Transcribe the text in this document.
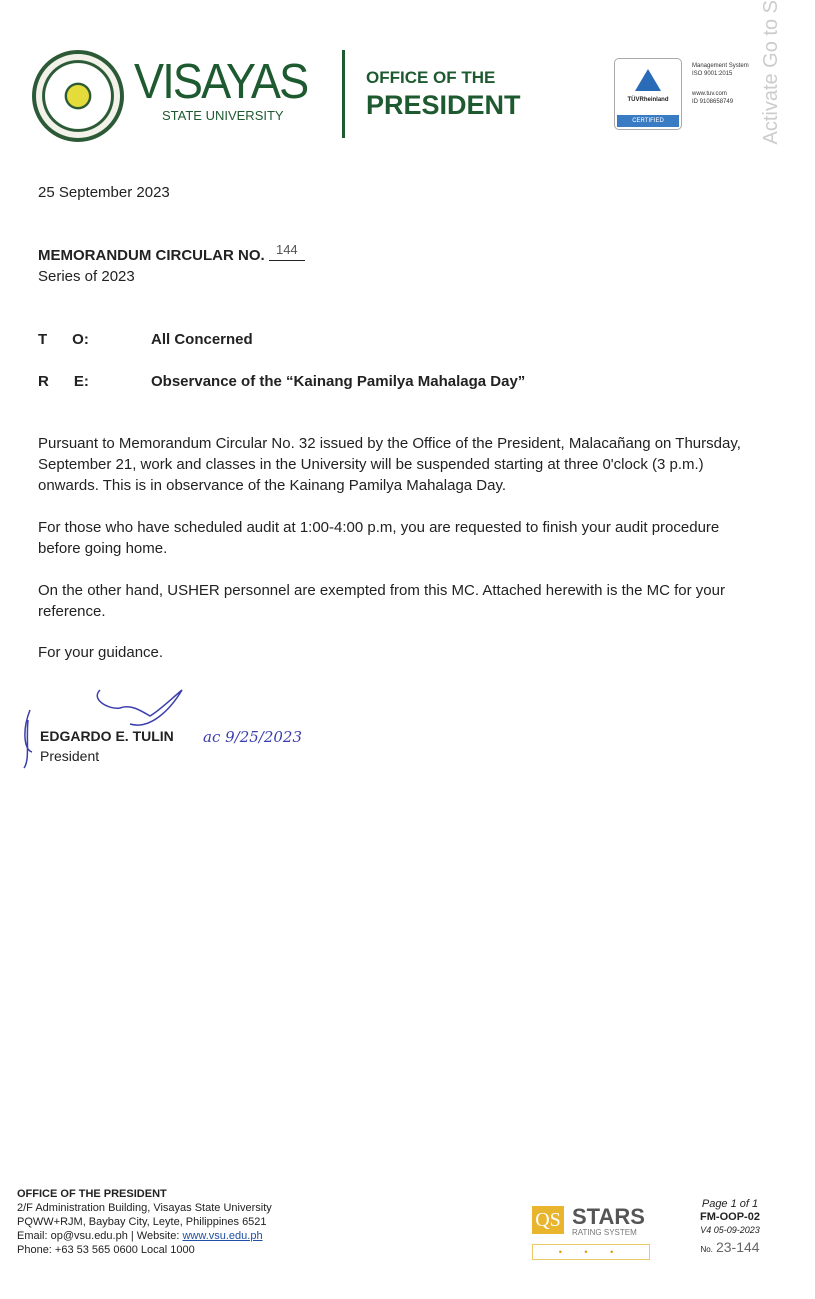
VISAYAS
STATE UNIVERSITY
OFFICE OF THE
PRESIDENT	TÜVRheinland
CERTIFIED
Management System
ISO 9001:2015
www.tuv.com
ID 9108658749	Activate Go to S
25 September 2023
MEMORANDUM CIRCULAR NO. 144
Series of 2023
T      O:	All Concerned
R      E:	Observance of the “Kainang Pamilya Mahalaga Day”
Pursuant to Memorandum Circular No. 32 issued by the Office of the President, Malacañang on Thursday, September 21, work and classes in the University will be suspended starting at three 0'clock (3 p.m.) onwards. This is in observance of the Kainang Pamilya Mahalaga Day.
For those who have scheduled audit at 1:00-4:00 p.m, you are requested to finish your audit procedure before going home.
On the other hand, USHER personnel are exempted from this MC. Attached herewith is the MC for your reference.
For your guidance.
EDGARDO E. TULIN
President
ac 9/25/2023
OFFICE OF THE PRESIDENT
2/F Administration Building, Visayas State University
PQWW+RJM, Baybay City, Leyte, Philippines 6521
Email: op@vsu.edu.ph | Website: www.vsu.edu.ph
Phone: +63 53 565 0600 Local 1000
QS STARS
RATING SYSTEM
• • •
Page 1 of 1
FM-OOP-02
V4 05-09-2023
No. 23-144
